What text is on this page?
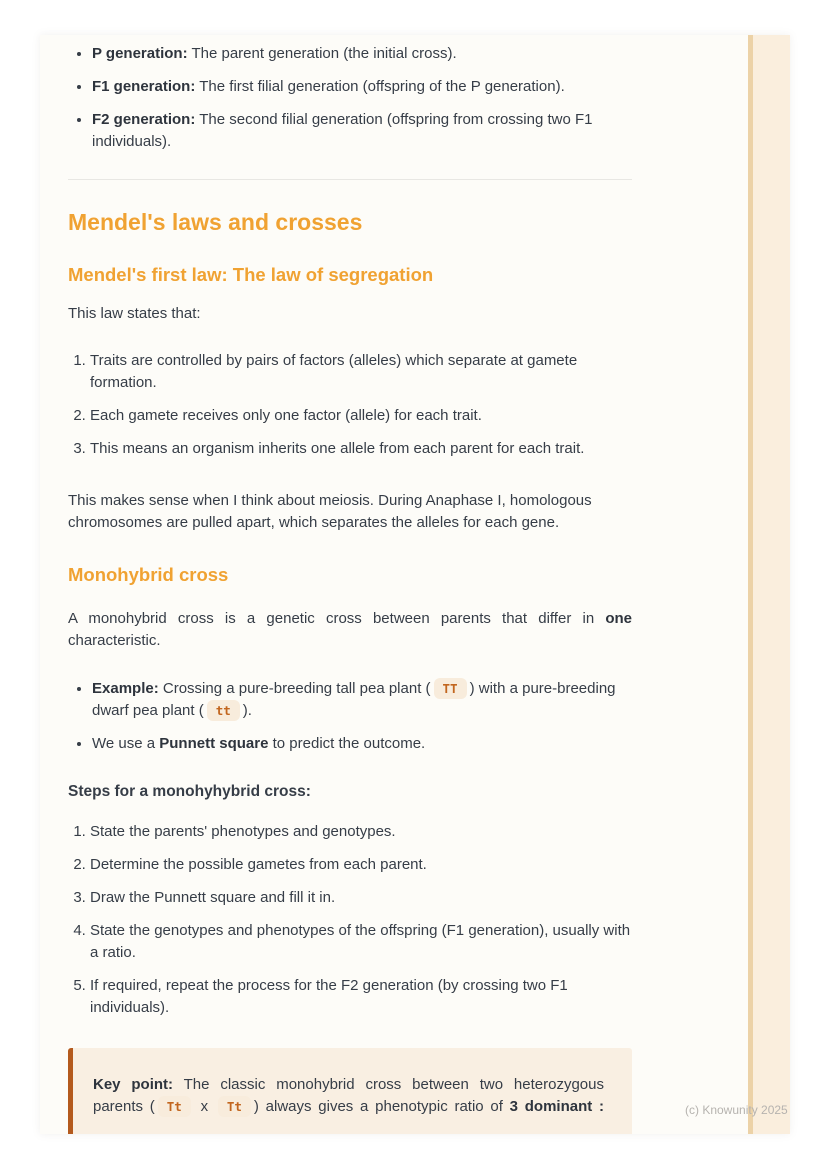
• P generation: The parent generation (the initial cross).
• F1 generation: The first filial generation (offspring of the P generation).
• F2 generation: The second filial generation (offspring from crossing two F1 individuals).
Mendel's laws and crosses
Mendel's first law: The law of segregation

This law states that:

1. Traits are controlled by pairs of factors (alleles) which separate at gamete formation.
2. Each gamete receives only one factor (allele) for each trait.
3. This means an organism inherits one allele from each parent for each trait.

This makes sense when I think about meiosis. During Anaphase I, homologous chromosomes are pulled apart, which separates the alleles for each gene.

Monohybrid cross

A monohybrid cross is a genetic cross between parents that differ in one characteristic.

• Example: Crossing a pure-breeding tall pea plant ( TT ) with a pure-breeding dwarf pea plant ( tt ).
• We use a Punnett square to predict the outcome.

Steps for a monohyhybrid cross:

1. State the parents' phenotypes and genotypes.
2. Determine the possible gametes from each parent.
3. Draw the Punnett square and fill it in.
4. State the genotypes and phenotypes of the offspring (F1 generation), usually with a ratio.
5. If required, repeat the process for the F2 generation (by crossing two F1 individuals).
Key point: The classic monohybrid cross between two heterozygous parents ( Tt x Tt ) always gives a phenotypic ratio of 3 dominant :	(c) Knowunity 2025
